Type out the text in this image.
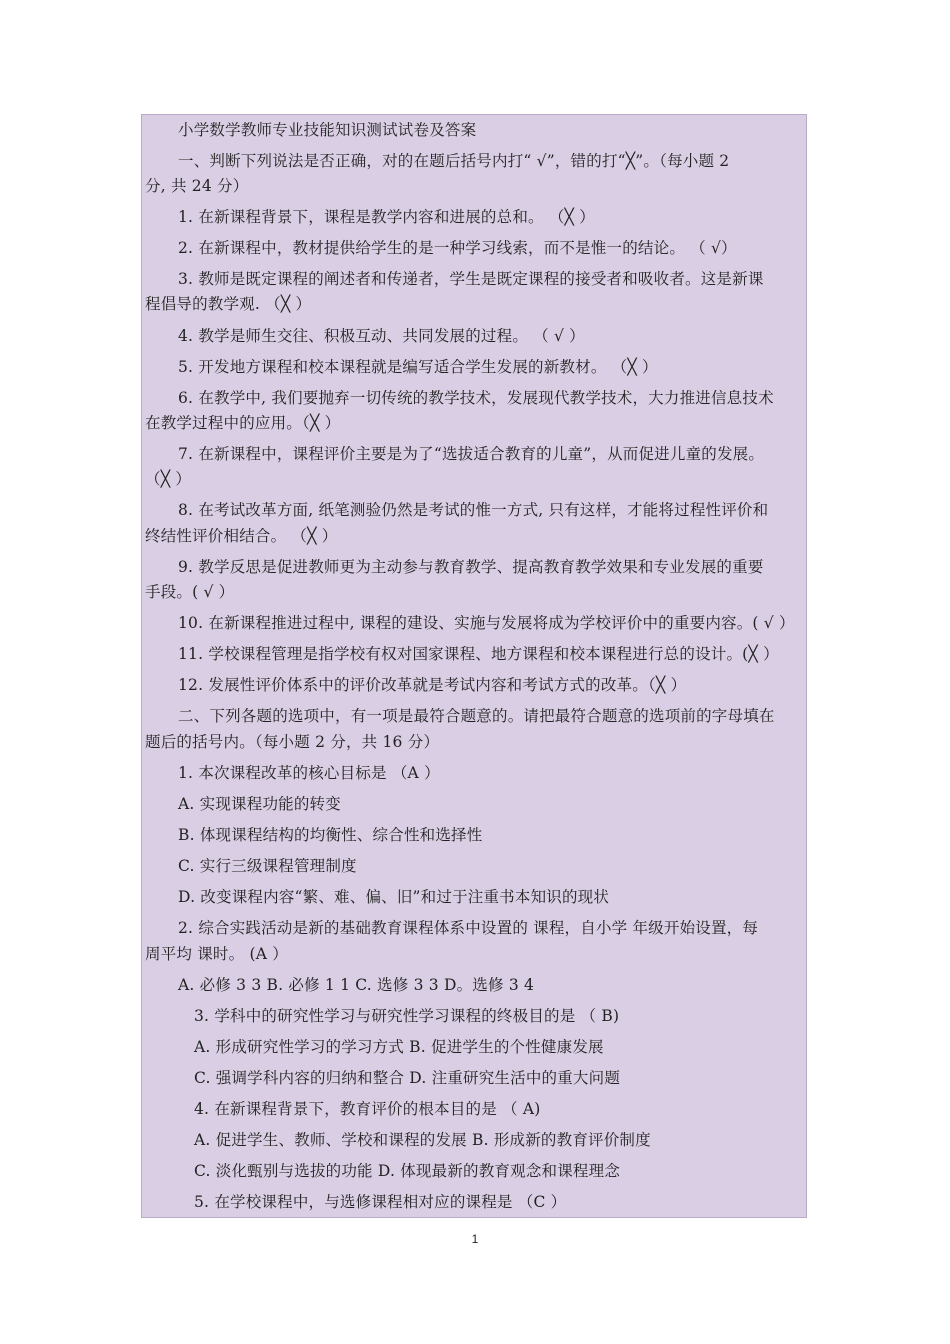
小学数学教师专业技能知识测试试卷及答案
一、判断下列说法是否正确，对的在题后括号内打“ √”，错的打“╳”。（每小题 2
分, 共 24 分）
1. 在新课程背景下，课程是教学内容和进展的总和。 （╳ ）
2. 在新课程中，教材提供给学生的是一种学习线索，而不是惟一的结论。 （ √）
3. 教师是既定课程的阐述者和传递者，学生是既定课程的接受者和吸收者。这是新课
程倡导的教学观. （╳ ）
4. 教学是师生交往、积极互动、共同发展的过程。 （ √ ）
5. 开发地方课程和校本课程就是编写适合学生发展的新教材。 （╳ ）
6. 在教学中, 我们要抛弃一切传统的教学技术，发展现代教学技术，大力推进信息技术
在教学过程中的应用。（╳ ）
7. 在新课程中，课程评价主要是为了“选拔适合教育的儿童”，从而促进儿童的发展。
（╳ ）
8. 在考试改革方面, 纸笔测验仍然是考试的惟一方式, 只有这样，才能将过程性评价和
终结性评价相结合。 （╳ ）
9. 教学反思是促进教师更为主动参与教育教学、提高教育教学效果和专业发展的重要
手段。( √ ）
10. 在新课程推进过程中, 课程的建设、实施与发展将成为学校评价中的重要内容。( √ ）
11. 学校课程管理是指学校有权对国家课程、地方课程和校本课程进行总的设计。(╳ ）
12. 发展性评价体系中的评价改革就是考试内容和考试方式的改革。（╳ ）
二、下列各题的选项中，有一项是最符合题意的。请把最符合题意的选项前的字母填在
题后的括号内。（每小题 2 分，共 16 分）
1. 本次课程改革的核心目标是 （A ）
A. 实现课程功能的转变
B. 体现课程结构的均衡性、综合性和选择性
C. 实行三级课程管理制度
D. 改变课程内容“繁、难、偏、旧”和过于注重书本知识的现状
2. 综合实践活动是新的基础教育课程体系中设置的 课程，自小学 年级开始设置，每
周平均 课时。 (A ）
A. 必修 3 3 B. 必修 1 1 C. 选修 3 3 D。选修 3 4
3. 学科中的研究性学习与研究性学习课程的终极目的是 （ B)
A. 形成研究性学习的学习方式 B. 促进学生的个性健康发展
C. 强调学科内容的归纳和整合 D. 注重研究生活中的重大问题
4. 在新课程背景下，教育评价的根本目的是 （ A)
A. 促进学生、教师、学校和课程的发展 B. 形成新的教育评价制度
C. 淡化甄别与选拔的功能 D. 体现最新的教育观念和课程理念
5. 在学校课程中，与选修课程相对应的课程是 （C ）
1
